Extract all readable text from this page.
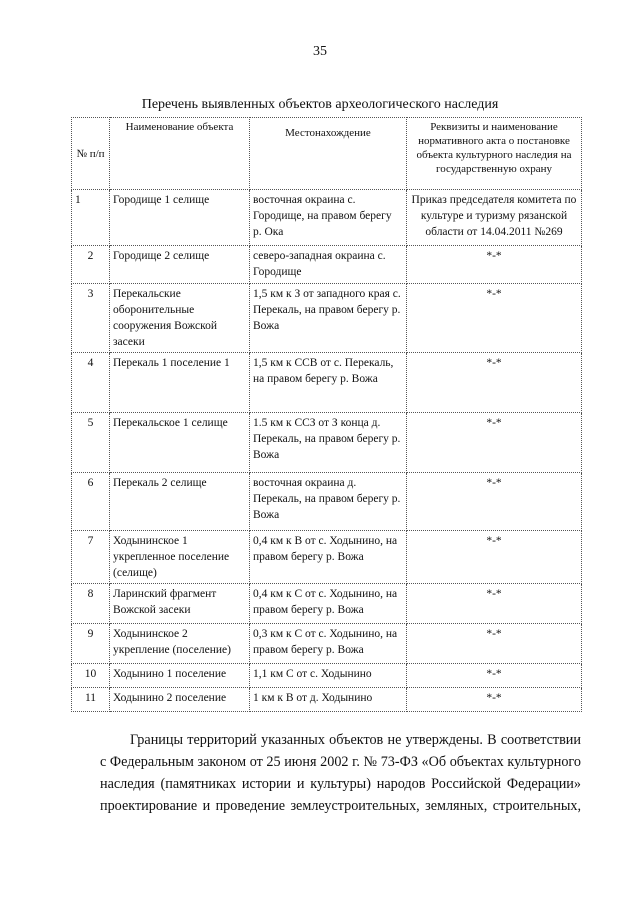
35
Перечень выявленных объектов археологического наследия
№ п/п	Наименование объекта	Местонахождение	Реквизиты и наименование нормативного акта о постановке объекта культурного наследия на государственную охрану
1	Городище 1 селище	восточная окраина с. Городище, на правом берегу р. Ока	Приказ председателя комитета по культуре и туризму рязанской области от 14.04.2011 №269
2	Городище 2 селище	северо-западная окраина с. Городище	*-*
3	Перекальские оборонительные сооружения Вожской засеки	1,5 км к З от западного края с. Перекаль, на правом берегу р. Вожа	*-*
4	Перекаль 1 поселение 1	1,5 км к ССВ от с. Перекаль, на правом берегу р. Вожа	*-*
5	Перекальское 1 селище	1.5 км к ССЗ от З конца д. Перекаль, на правом берегу р. Вожа	*-*
6	Перекаль 2 селище	восточная окраина д. Перекаль, на правом берегу р. Вожа	*-*
7	Ходынинское 1 укрепленное поселение (селище)	0,4 км к В от с. Ходынино, на правом берегу р. Вожа	*-*
8	Ларинский фрагмент Вожской засеки	0,4 км к С от с. Ходынино, на правом берегу р. Вожа	*-*
9	Ходынинское 2 укрепление (поселение)	0,3 км к С от с. Ходынино, на правом берегу р. Вожа	*-*
10	Ходынино 1 поселение	1,1 км С от с. Ходынино	*-*
11	Ходынино 2 поселение	1 км к В от д. Ходынино	*-*
Границы территорий указанных объектов не утверждены. В соответствии
с Федеральным законом от 25 июня 2002 г. № 73-ФЗ «Об объектах культурного
наследия (памятниках истории и культуры) народов Российской Федерации»
проектирование и проведение землеустроительных, земляных, строительных,
